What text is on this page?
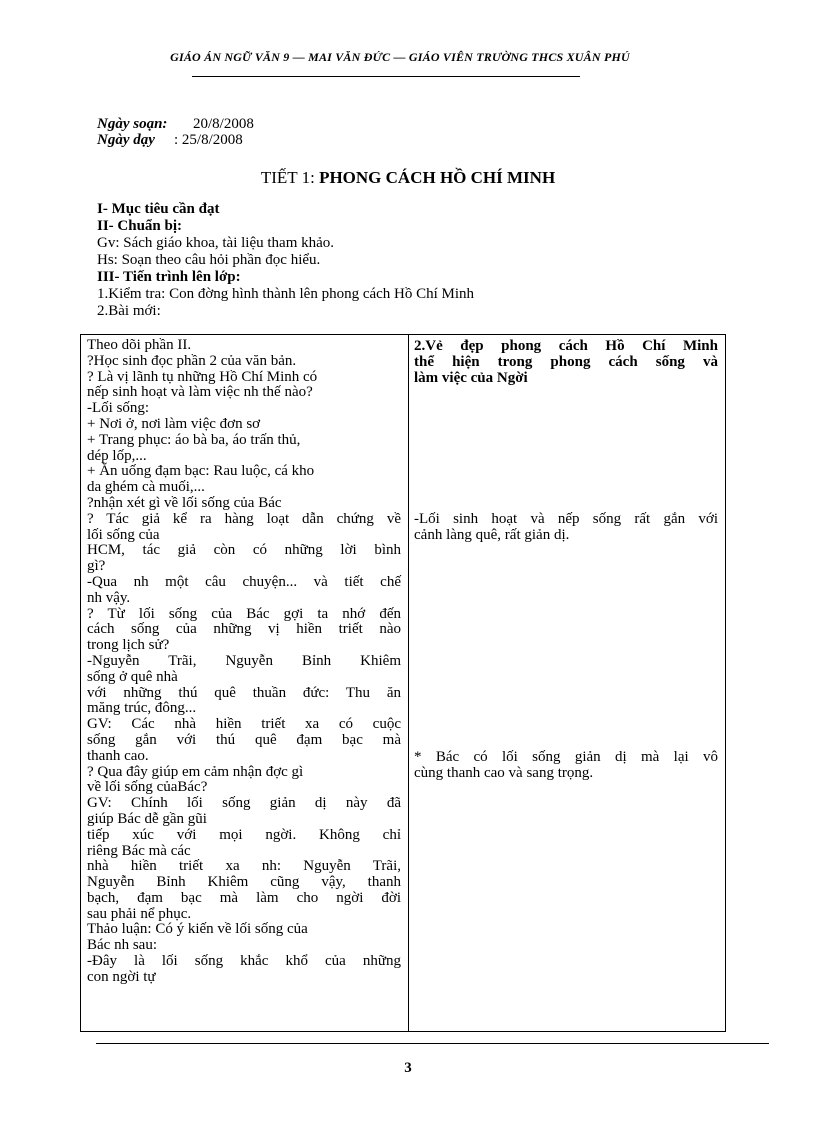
GIÁO ÁN NGỮ VĂN 9 — MAI VĂN ĐỨC — GIÁO VIÊN TRƯỜNG THCS XUÂN PHÚ
Ngày soạn: 20/8/2008
Ngày dạy : 25/8/2008
TIẾT 1: PHONG CÁCH HỒ CHÍ MINH
I- Mục tiêu cần đạt
II- Chuẩn bị:
Gv: Sách giáo khoa, tài liệu tham khảo.
Hs: Soạn theo câu hỏi phần đọc hiểu.
III- Tiến trình lên lớp:
1.Kiểm tra: Con đờng hình thành lên phong cách Hồ Chí Minh
2.Bài mới:
Theo dõi phần II.
?Học sinh đọc phần 2 của văn bản.
? Là vị lãnh tụ những Hồ Chí Minh có
nếp sinh hoạt và làm việc nh thế nào?
-Lối sống:
+ Nơi ở, nơi làm việc đơn sơ
+ Trang phục: áo bà ba, áo trấn thủ,
dép lốp,...
+ Ăn uống đạm bạc: Rau luộc, cá kho
da ghém cà muối,...
?nhận xét gì về lối sống của Bác
? Tác giả kể ra hàng loạt dẫn chứng về
lối sống của
HCM, tác giả còn có những lời bình
gì?
-Qua nh một câu chuyện... và tiết chế
nh vậy.
? Từ lối sống của Bác gợi ta nhớ đến
cách sống của những vị hiền triết nào
trong lịch sử?
-Nguyễn Trãi, Nguyễn Bỉnh Khiêm
sống ở quê nhà
với những thú quê thuần đức: Thu ăn
măng trúc, đông...
GV: Các nhà hiền triết xa có cuộc
sống gắn với thú quê đạm bạc mà
thanh cao.
? Qua đây giúp em cảm nhận đợc gì
về lối sống củaBác?
GV: Chính lối sống giản dị này đã
giúp Bác dễ gần gũi
tiếp xúc với mọi ngời. Không chỉ
riêng Bác mà các
nhà hiền triết xa nh: Nguyễn Trãi,
Nguyễn Bỉnh Khiêm cũng vậy, thanh
bạch, đạm bạc mà làm cho ngời đời
sau phải nể phục.
Thảo luận: Có ý kiến về lối sống của
Bác nh sau:
-Đây là lối sống khắc khổ của những
con ngời tự
2.Vẻ đẹp phong cách Hồ Chí Minh
thể hiện trong phong cách sống và
làm việc của Ngời
-Lối sinh hoạt và nếp sống rất gắn với
cảnh làng quê, rất giản dị.
* Bác có lối sống giản dị mà lại vô
cùng thanh cao và sang trọng.
3
